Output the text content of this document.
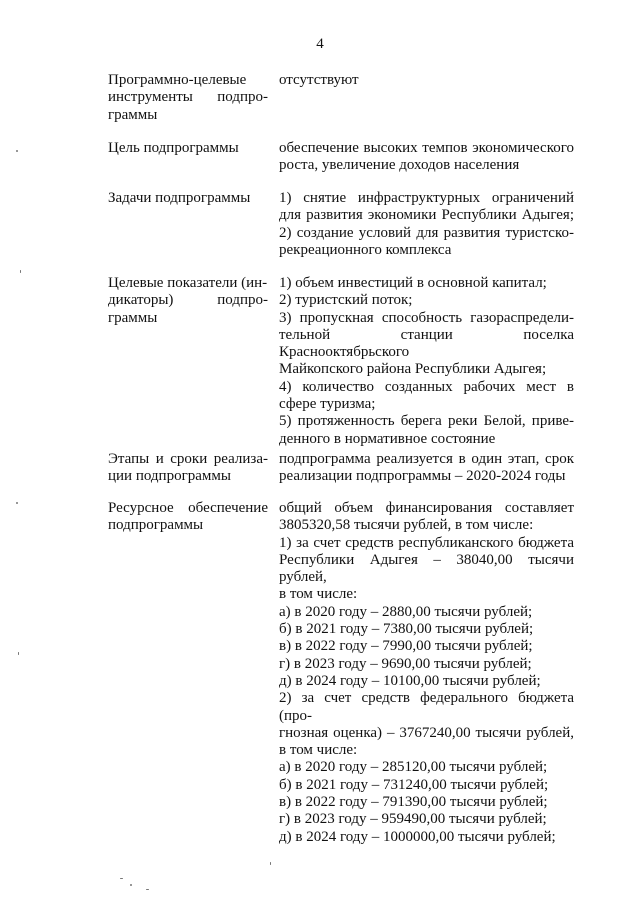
4
Программно-целевые
инструменты подпро-
граммы
отсутствуют
Цель подпрограммы	обеспечение высоких темпов экономического
роста, увеличение доходов населения
Задачи подпрограммы	1) снятие инфраструктурных ограничений
для развития экономики Республики Адыгея;
2) создание условий для развития туристско-
рекреационного комплекса
Целевые показатели (ин-
дикаторы) подпро-
граммы
1) объем инвестиций в основной капитал;
2) туристский поток;
3) пропускная способность газораспредели-
тельной станции поселка Краснооктябрьского
Майкопского района Республики Адыгея;
4) количество созданных рабочих мест в
сфере туризма;
5) протяженность берега реки Белой, приве-
денного в нормативное состояние
Этапы и сроки реализа-
ции подпрограммы
подпрограмма реализуется в один этап, срок
реализации подпрограммы – 2020-2024 годы
Ресурсное обеспечение
подпрограммы
общий объем финансирования составляет
3805320,58 тысячи рублей, в том числе:
1) за счет средств республиканского бюджета
Республики Адыгея – 38040,00 тысячи рублей,
в том числе:
а) в 2020 году – 2880,00 тысячи рублей;
б) в 2021 году – 7380,00 тысячи рублей;
в) в 2022 году – 7990,00 тысячи рублей;
г) в 2023 году – 9690,00 тысячи рублей;
д) в 2024 году – 10100,00 тысячи рублей;
2) за счет средств федерального бюджета (про-
гнозная оценка) – 3767240,00 тысячи рублей,
в том числе:
а) в 2020 году – 285120,00 тысячи рублей;
б) в 2021 году – 731240,00 тысячи рублей;
в) в 2022 году – 791390,00 тысячи рублей;
г) в 2023 году – 959490,00 тысячи рублей;
д) в 2024 году – 1000000,00 тысячи рублей;
